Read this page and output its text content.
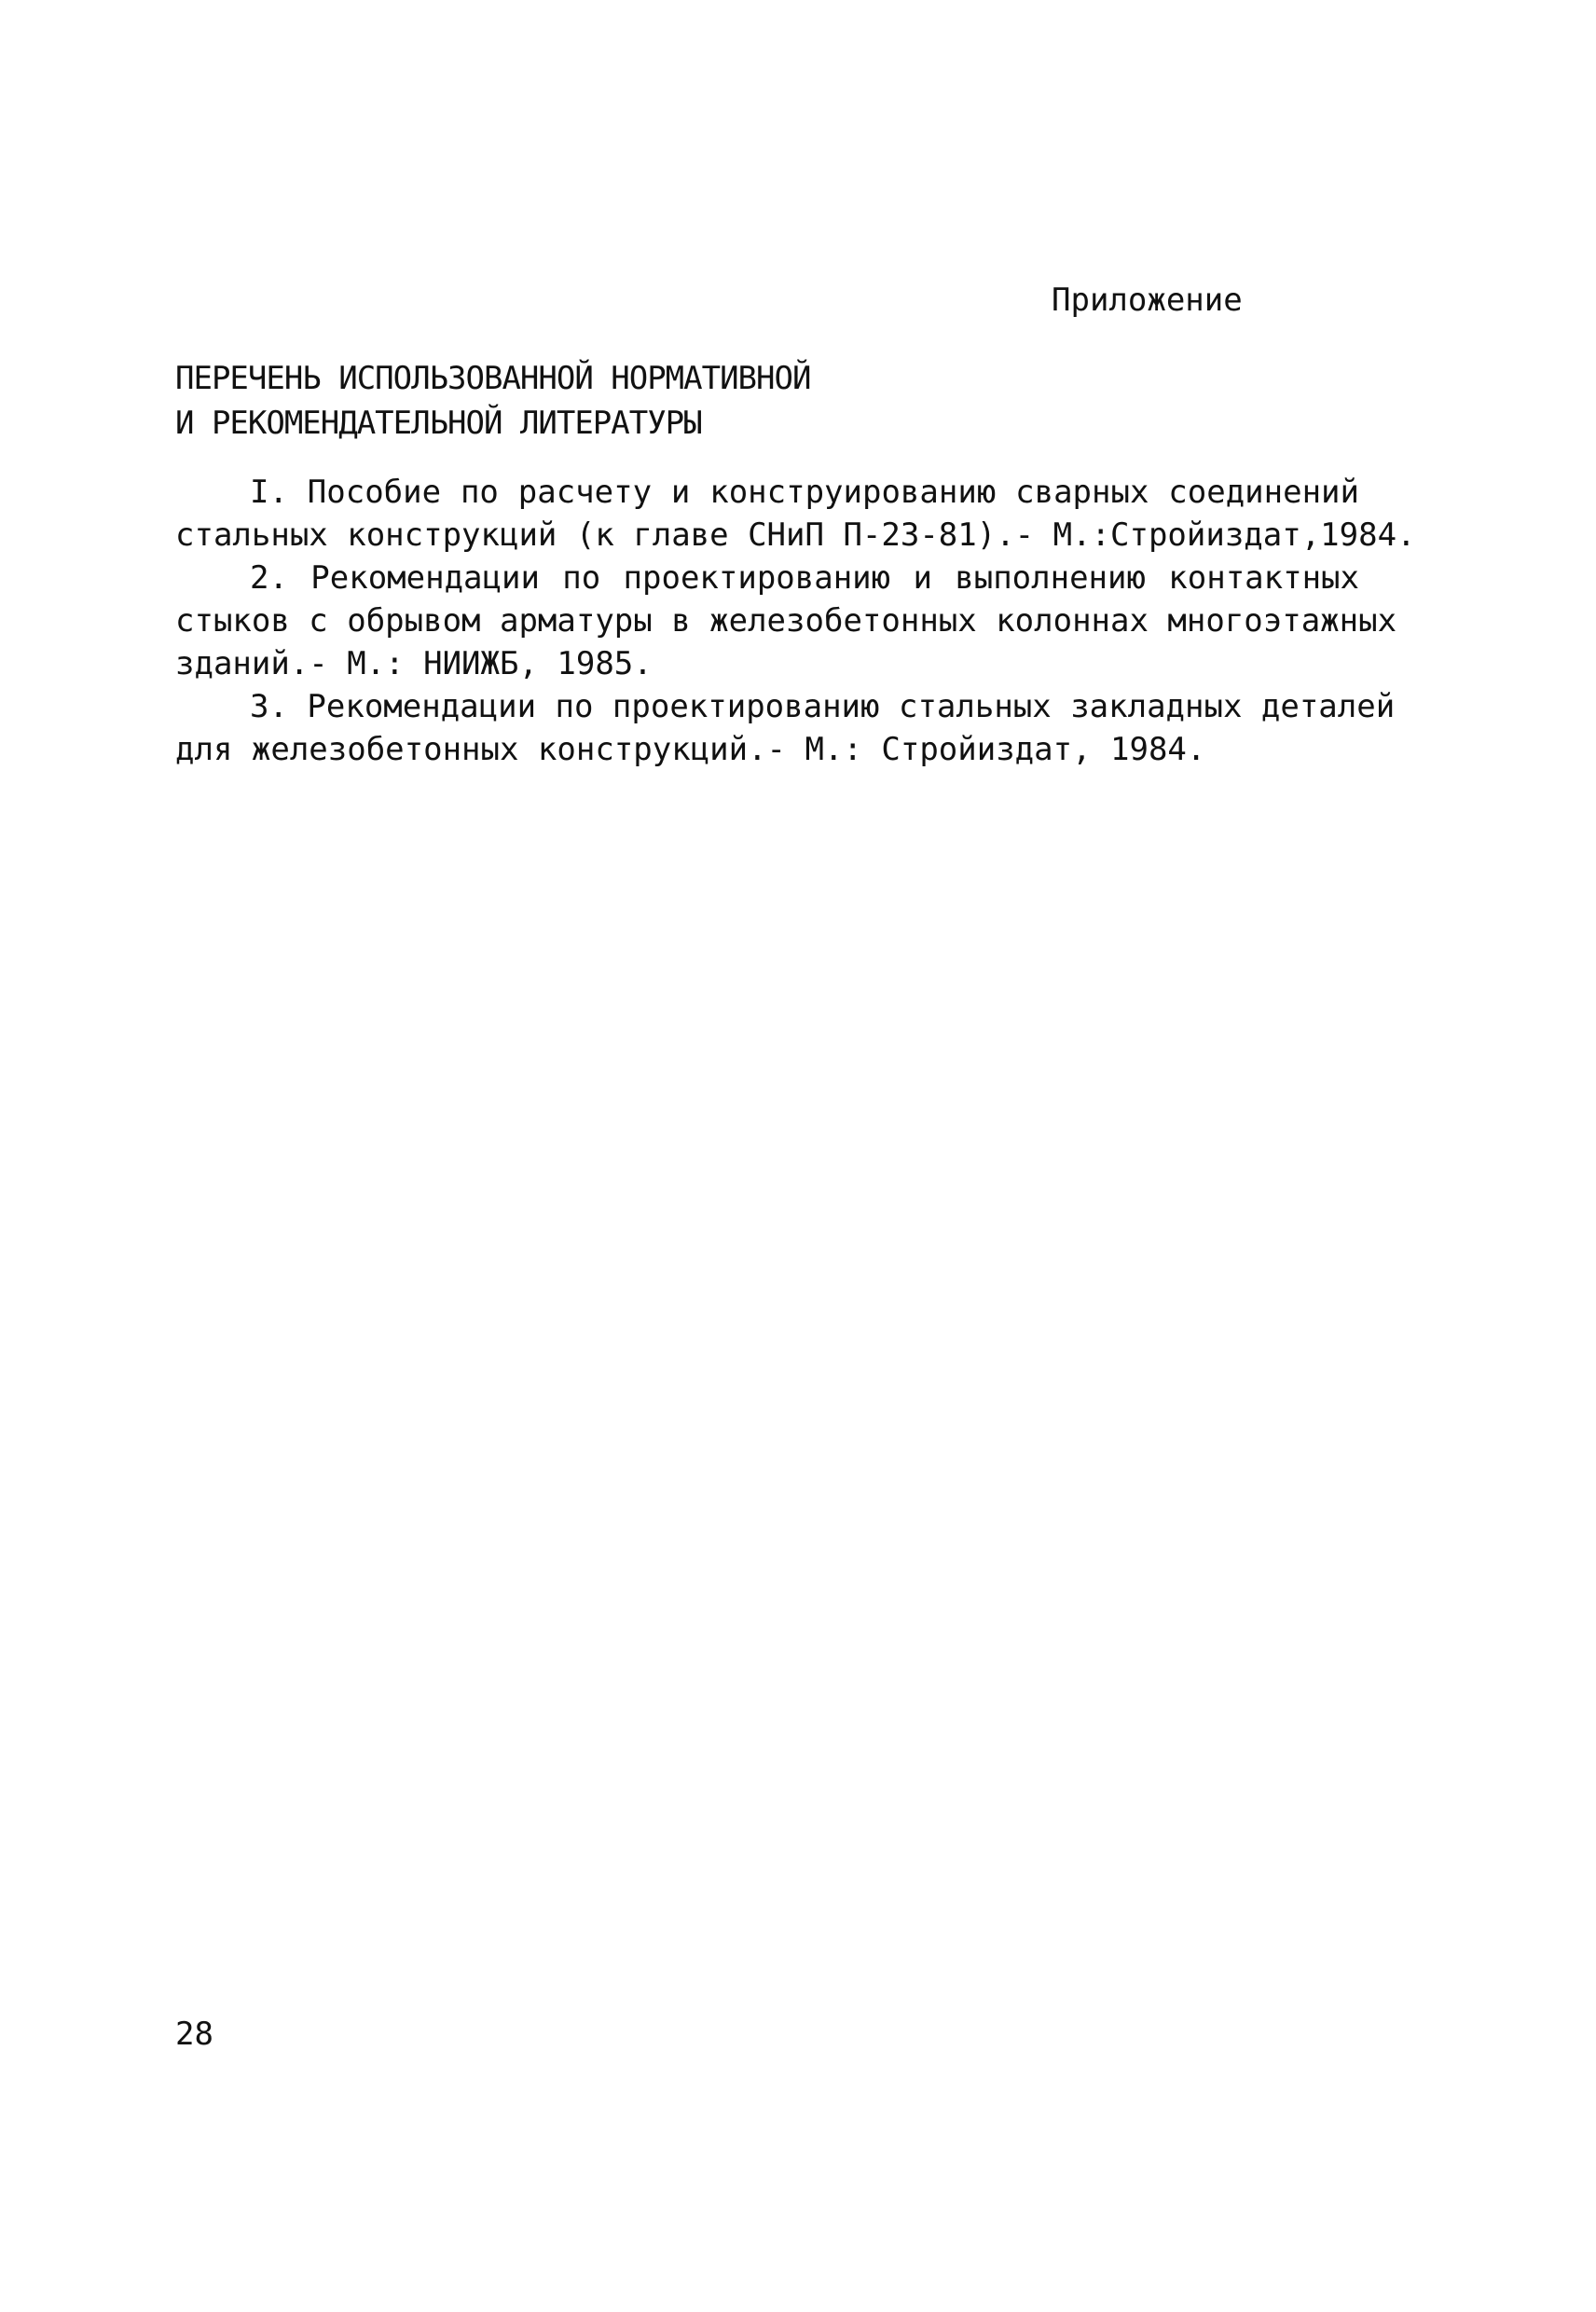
Приложение
ПЕРЕЧЕНЬ ИСПОЛЬЗОВАННОЙ НОРМАТИВНОЙ
И РЕКОМЕНДАТЕЛЬНОЙ ЛИТЕРАТУРЫ
I. Пособие по расчету и конструированию сварных соединений
стальных конструкций (к главе СНиП П-23-81).- М.:Стройиздат,1984.
2. Рекомендации по проектированию и выполнению контактных
стыков с обрывом арматуры в железобетонных колоннах многоэтажных
зданий.- М.: НИИЖБ, 1985.
3. Рекомендации по проектированию стальных закладных деталей
для железобетонных конструкций.- М.: Стройиздат, 1984.
28
